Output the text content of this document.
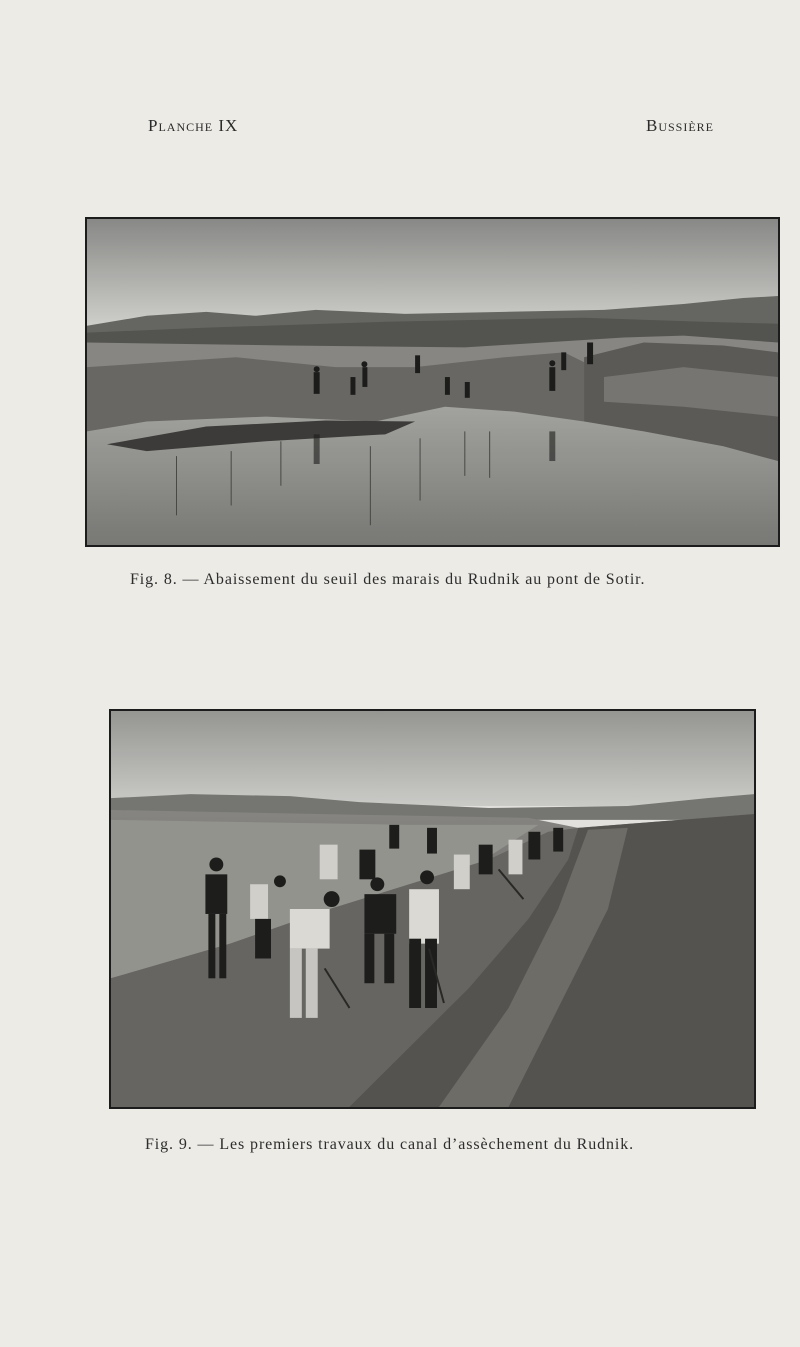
Planche IX	Bussière
Fig. 8. — Abaissement du seuil des marais du Rudnik au pont de Sotir.
Fig. 9. — Les premiers travaux du canal d’assèchement du Rudnik.
